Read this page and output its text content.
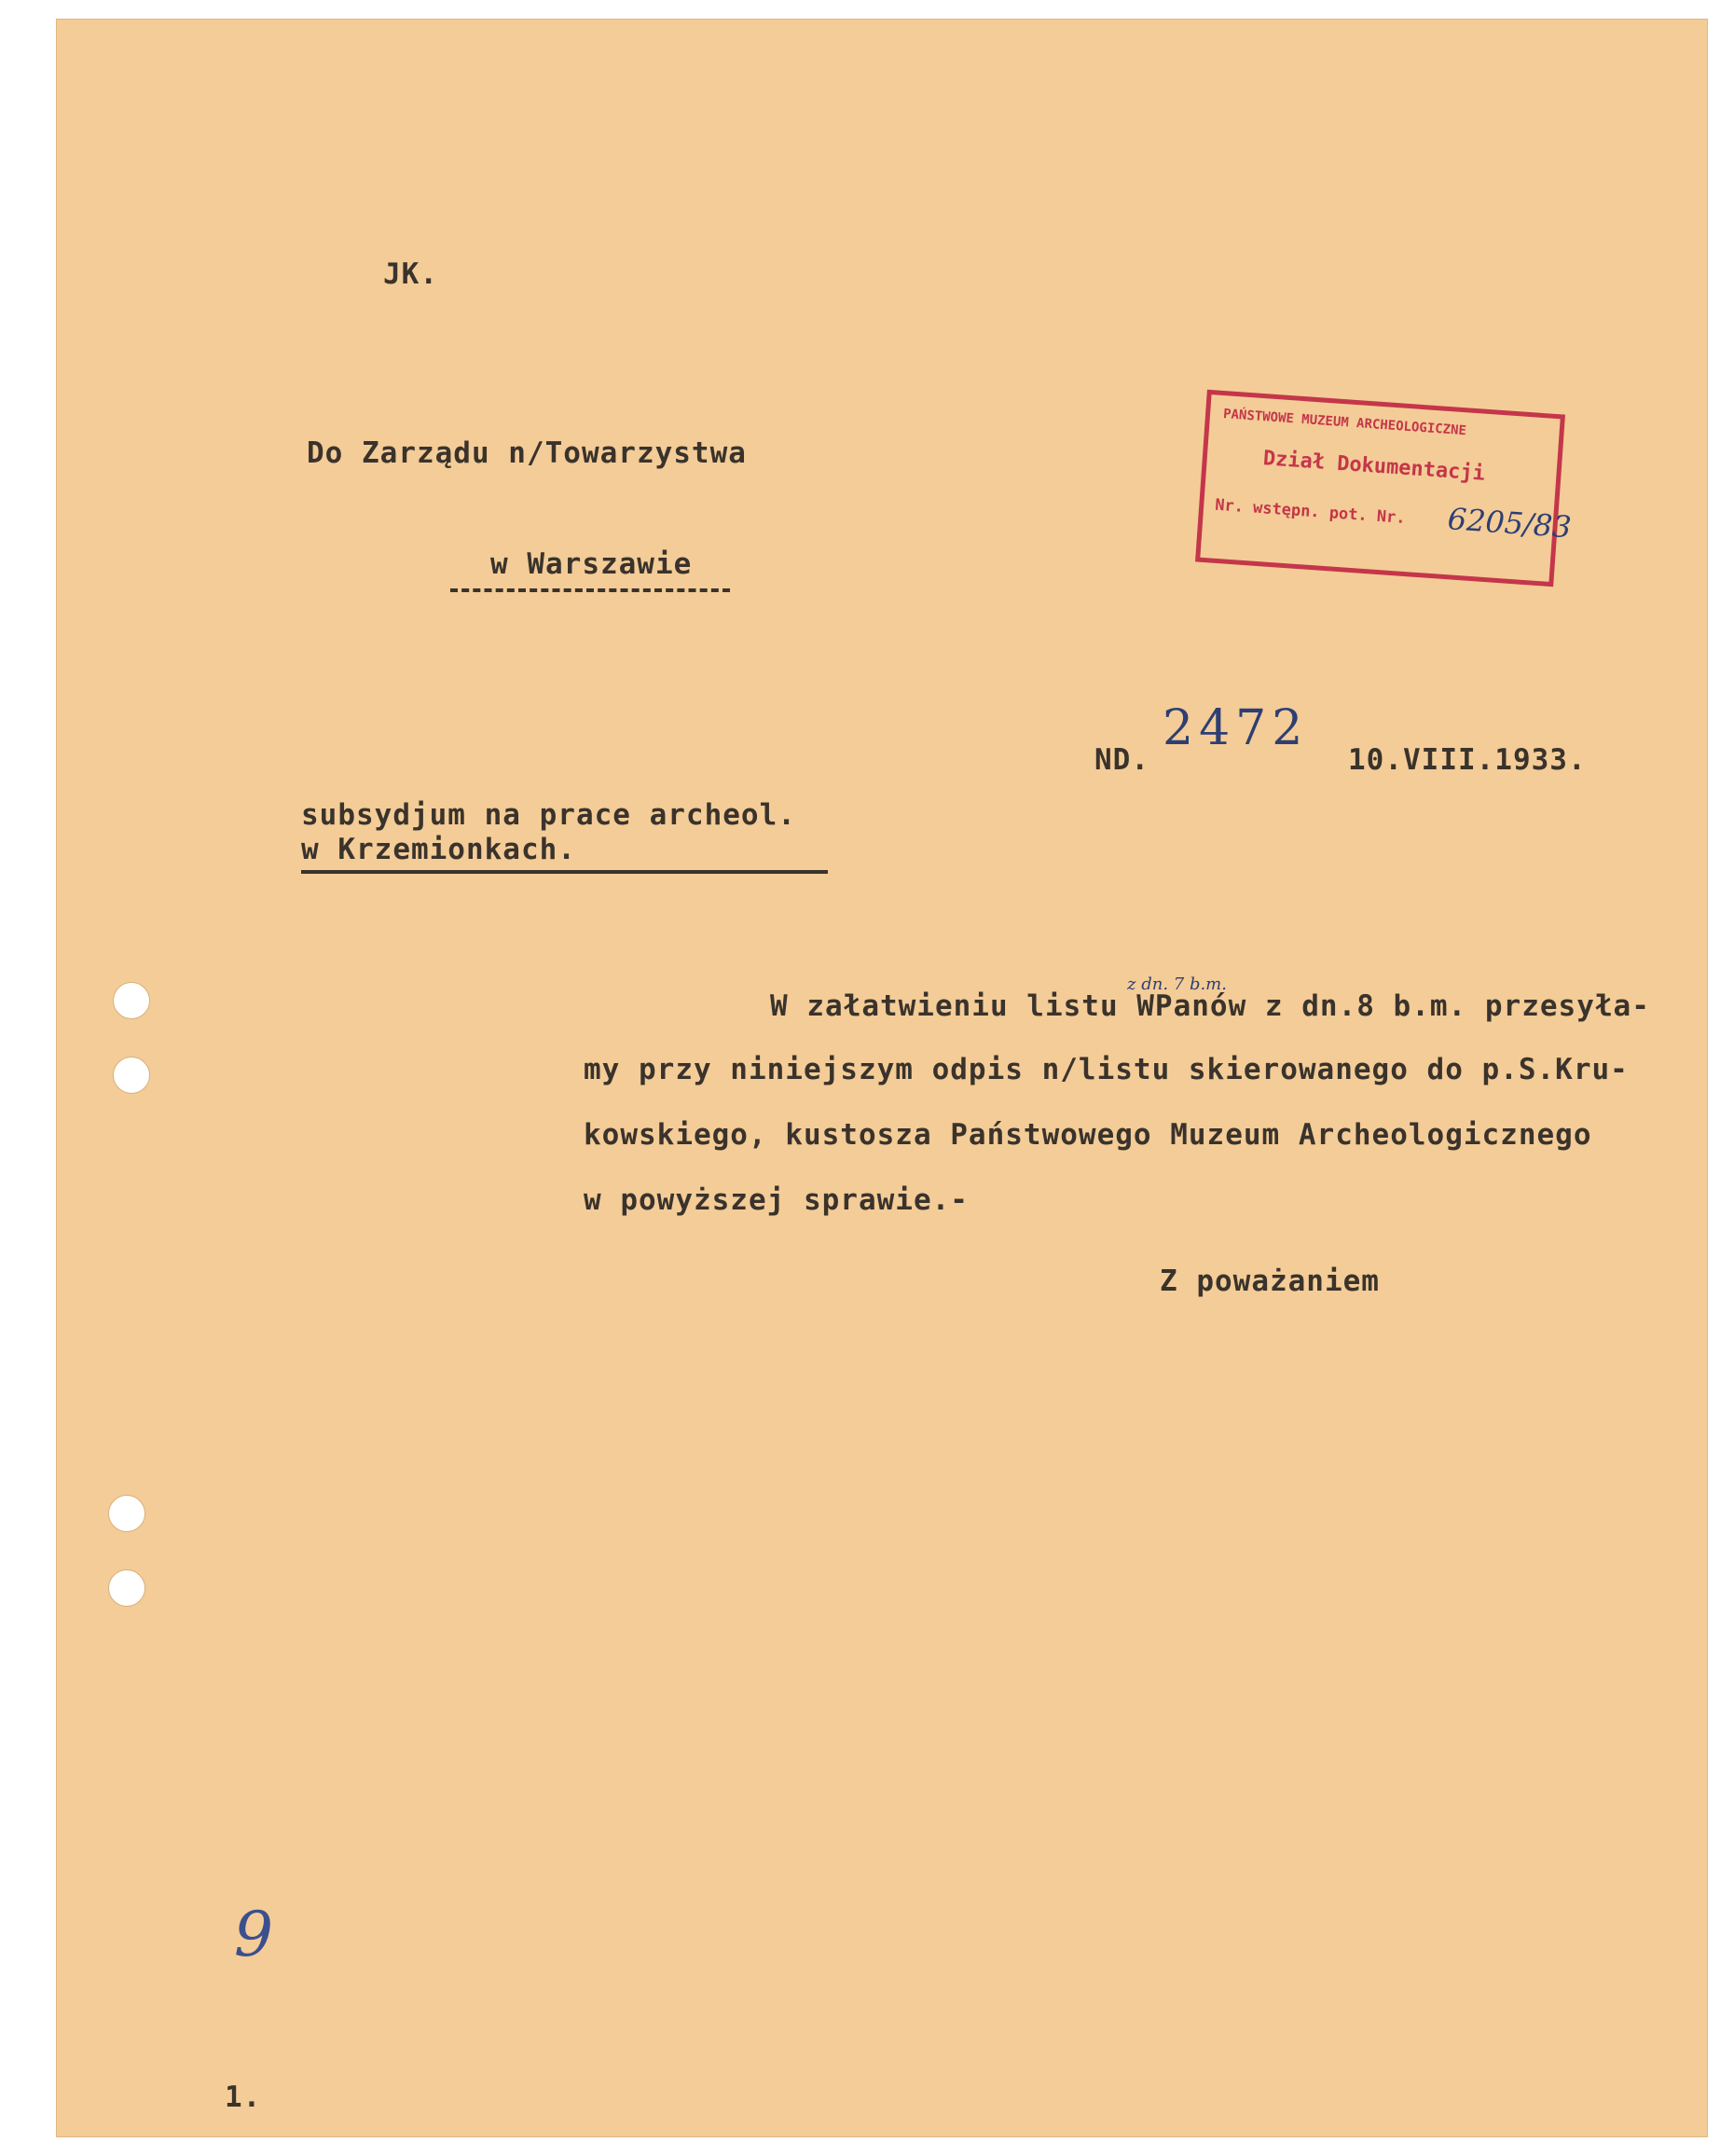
JK.
Do Zarządu n/Towarzystwa
w Warszawie
PAŃSTWOWE MUZEUM ARCHEOLOGICZNE
Dział Dokumentacji
Nr. wstępn. pot. Nr. 6205/83
ND.
2472
10.VIII.1933.
subsydjum na prace archeol.
w Krzemionkach.
W załatwieniu listu WPanów z dn.8 b.m. przesyła-
z dn. 7 b.m.
my przy niniejszym odpis n/listu skierowanego do p.S.Kru-
kowskiego, kustosza Państwowego Muzeum Archeologicznego
w powyższej sprawie.-
Z poważaniem
9
1.
